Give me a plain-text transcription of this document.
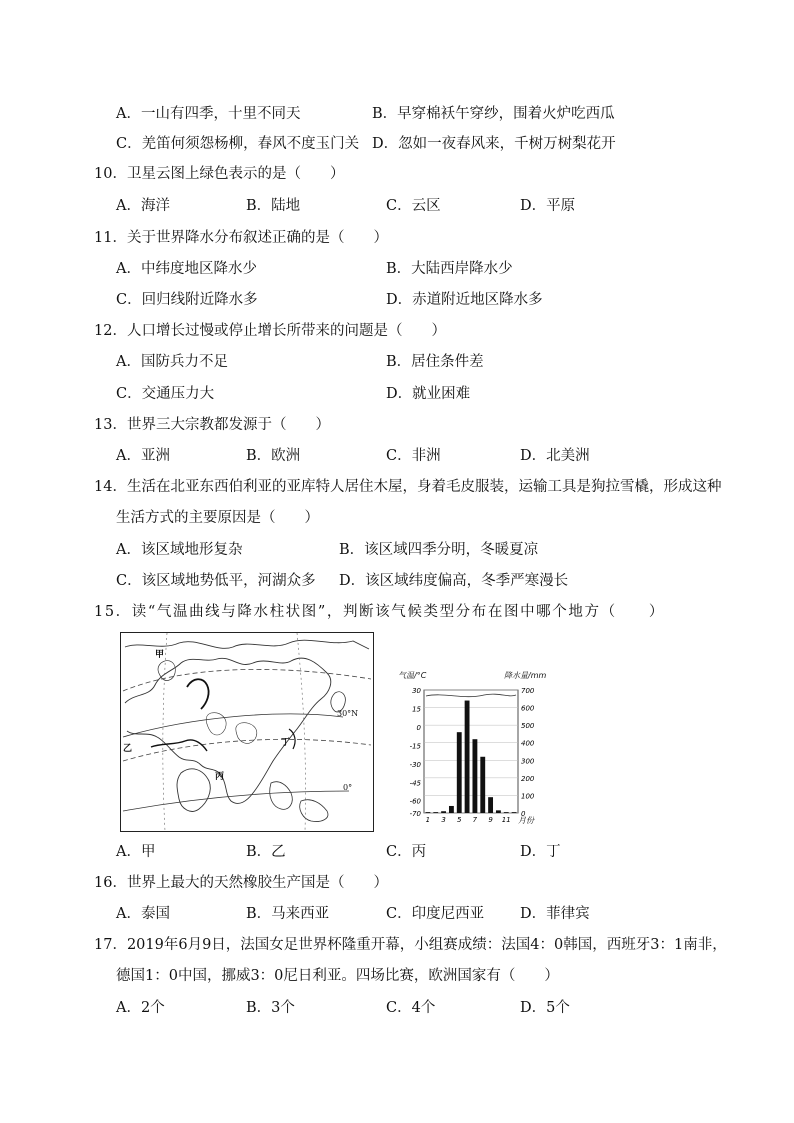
A．一山有四季，十里不同天	B．早穿棉袄午穿纱，围着火炉吃西瓜
C．羌笛何须怨杨柳，春风不度玉门关 D．忽如一夜春风来，千树万树梨花开
10．卫星云图上绿色表示的是（　　）
A．海洋	B．陆地	C．云区	D．平原
11．关于世界降水分布叙述正确的是（　　）
A．中纬度地区降水少	B．大陆西岸降水少
C．回归线附近降水多	D．赤道附近地区降水多
12．人口增长过慢或停止增长所带来的问题是（　　）
A．国防兵力不足	B．居住条件差
C．交通压力大	D．就业困难
13．世界三大宗教都发源于（　　）
A．亚洲	B．欧洲	C．非洲	D．北美洲
14．生活在北亚东西伯利亚的亚库特人居住木屋，身着毛皮服装，运输工具是狗拉雪橇，形成这种
生活方式的主要原因是（　　）
A．该区域地形复杂	B．该区域四季分明，冬暖夏凉
C．该区域地势低平，河湖众多 D．该区域纬度偏高，冬季严寒漫长
15．读“气温曲线与降水柱状图”，判断该气候类型分布在图中哪个地方（　　）
甲
乙
丙
丁
30°N
0°
气温/°C	降水量/mm
700
600
500
400
300
200
100
0
30
15
0
-15
-30
-45
-60
-70
1 3 5 7 9 11 月份
A．甲	B．乙	C．丙	D．丁
16．世界上最大的天然橡胶生产国是（　　）
A．泰国	B．马来西亚	C．印度尼西亚 D．菲律宾
17．2019年6月9日，法国女足世界杯隆重开幕，小组赛成绩：法国4：0韩国，西班牙3：1南非，
德国1：0中国，挪威3：0尼日利亚。四场比赛，欧洲国家有（　　）
A．2个	B．3个	C．4个	D．5个
